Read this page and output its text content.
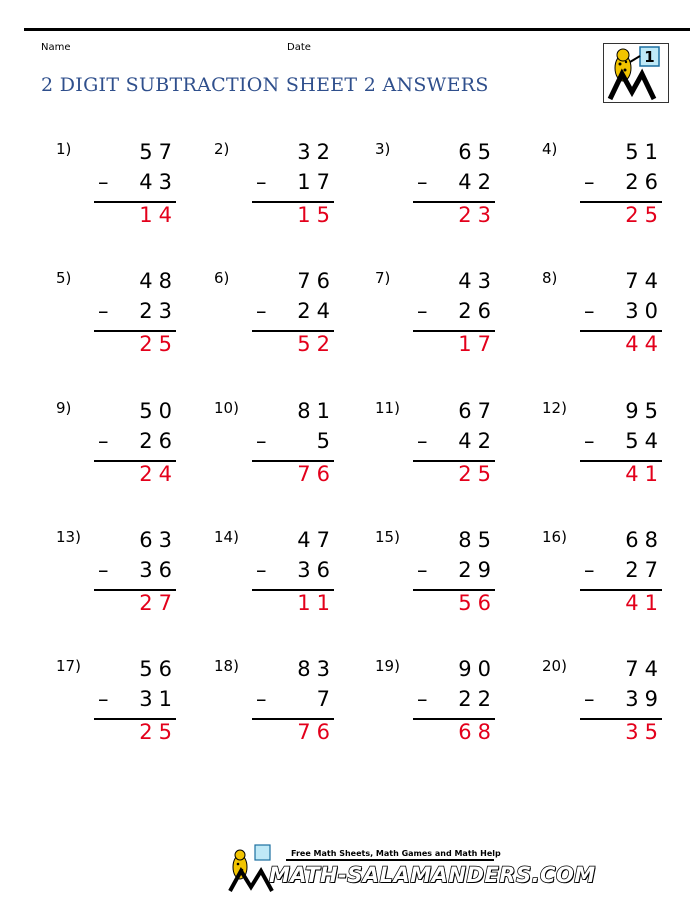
Name	Date
2 DIGIT SUBTRACTION SHEET 2 ANSWERS
1
1)	57
– 43
14
2)	32
– 17
15
3)	65
– 42
23
4)	51
– 26
25
5)	48
– 23
25
6)	76
– 24
52
7)	43
– 26
17
8)	74
– 30
44
9)	50
– 26
24
10)	81
– 5
76
11)	67
– 42
25
12)	95
– 54
41
13)	63
– 36
27
14)	47
– 36
11
15)	85
– 29
56
16)	68
– 27
41
17)	56
– 31
25
18)	83
– 7
76
19)	90
– 22
68
20)	74
– 39
35
Free Math Sheets, Math Games and Math Help
MATH-SALAMANDERS.COM
